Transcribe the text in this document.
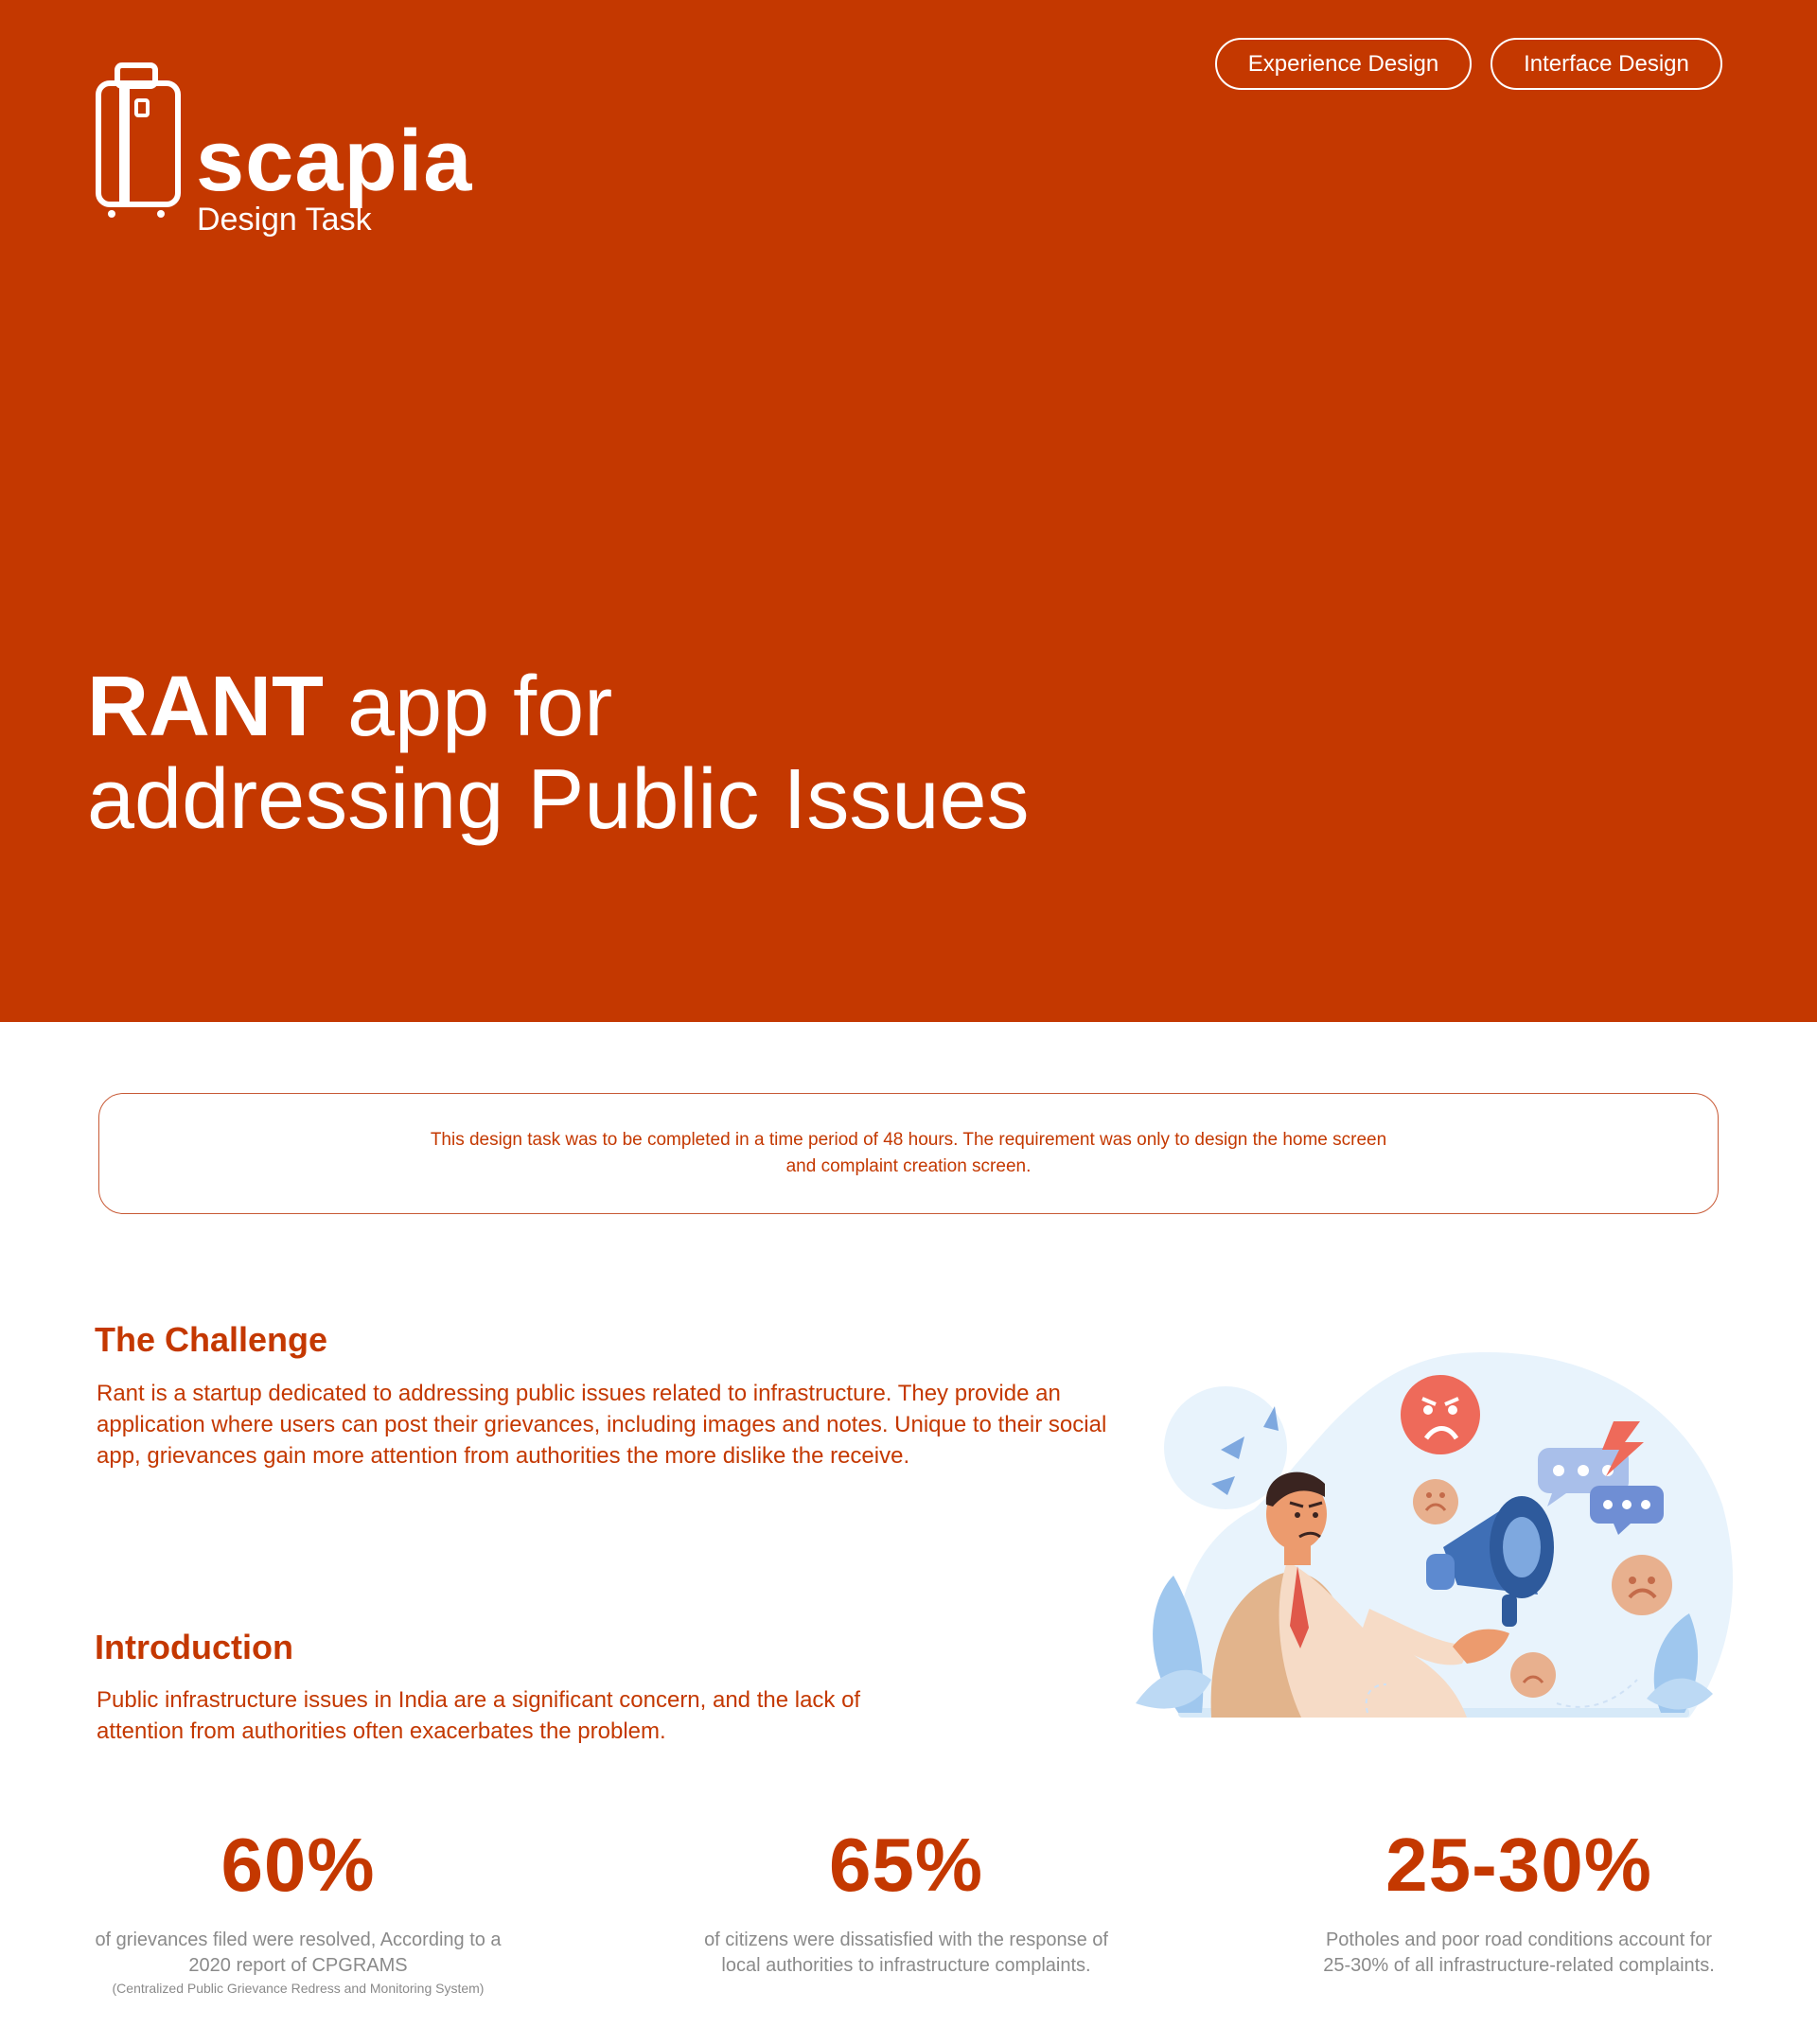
Experience Design	Interface Design
scapia
Design Task
RANT app for
addressing Public Issues

This design task was to be completed in a time period of 48 hours. The requirement was only to design the home screen and complaint creation screen.

The Challenge

Rant is a startup dedicated to addressing public issues related to infrastructure. They provide an application where users can post their grievances, including images and notes. Unique to their social app, grievances gain more attention from authorities the more dislike the receive.

Introduction

Public infrastructure issues in India are a significant concern, and the lack of attention from authorities often exacerbates the problem.

60%
of grievances filed were resolved, According to a 2020 report of CPGRAMS
(Centralized Public Grievance Redress and Monitoring System)
65%
of citizens were dissatisfied with the response of local authorities to infrastructure complaints.
25-30%
Potholes and poor road conditions account for 25-30% of all infrastructure-related complaints.
